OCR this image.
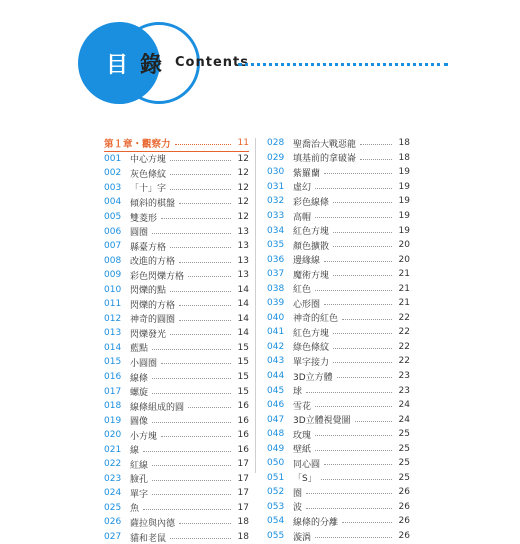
目 錄 Contents
第１章・觀察力	11
001 中心方塊	12
002 灰色條紋	12
003 「十」字	12
004 傾斜的棋盤	12
005 雙菱形	12
006 圓圈	13
007 縣臺方格	13
008 改進的方格	13
009 彩色閃爍方格	13
010 閃爍的點	14
011 閃爍的方格	14
012 神奇的圓圈	14
013 閃爍發光	14
014 藍點	15
015 小圓圈	15
016 線條	15
017 螺旋	15
018 線條組成的圓	16
019 圖像	16
020 小方塊	16
021 線	16
022 紅線	17
023 臉孔	17
024 單字	17
025 魚	17
026 薩拉與內德	18
027 貓和老鼠	18
028 聖喬治大戰惡龍	18
029 填基前的拿破崙	18
030 紫羅蘭	19
031 虛幻	19
032 彩色線條	19
033 高帽	19
034 紅色方塊	19
035 顏色擴散	20
036 邊緣線	20
037 魔術方塊	21
038 紅色	21
039 心形圈	21
040 神奇的紅色	22
041 紅色方塊	22
042 綠色條紋	22
043 單字接力	22
044 3D立方體	23
045 球	23
046 雪花	24
047 3D立體視覺圖	24
048 玫瑰	25
049 壁紙	25
050 同心圓	25
051 「S」	25
052 圈	26
053 波	26
054 線條的分離	26
055 漩渦	26
